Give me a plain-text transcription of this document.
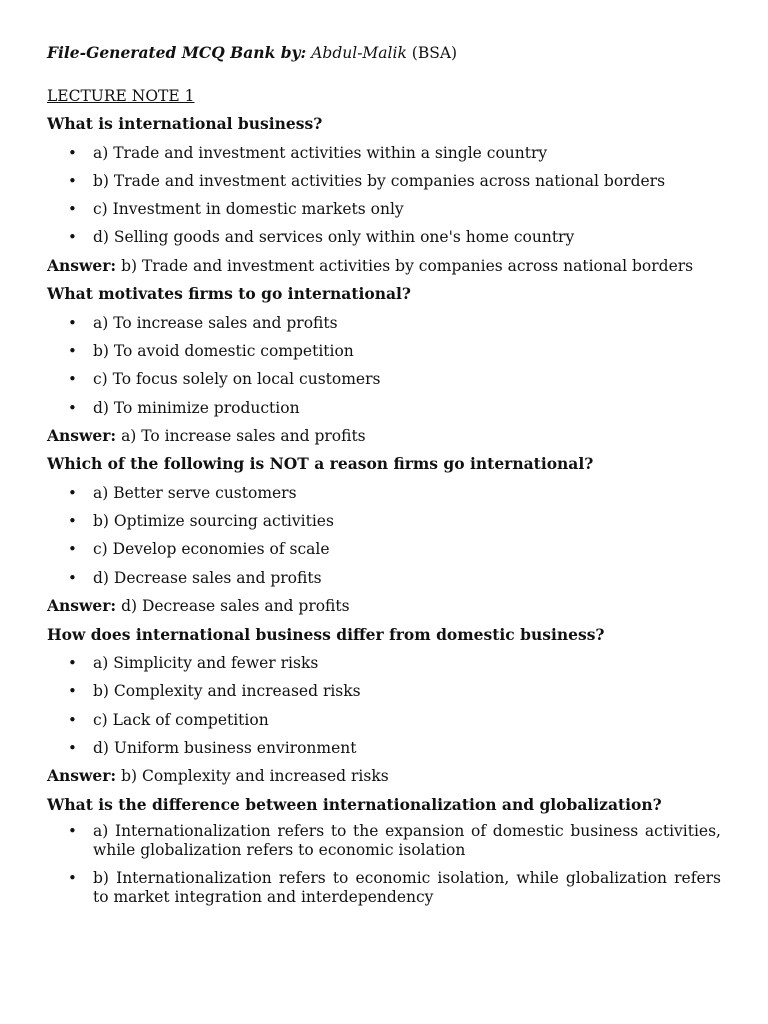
File-Generated MCQ Bank by: Abdul-Malik (BSA)
LECTURE NOTE 1
What is international business?
• a) Trade and investment activities within a single country
• b) Trade and investment activities by companies across national borders
• c) Investment in domestic markets only
• d) Selling goods and services only within one's home country
Answer: b) Trade and investment activities by companies across national borders
What motivates firms to go international?
• a) To increase sales and profits
• b) To avoid domestic competition
• c) To focus solely on local customers
• d) To minimize production
Answer: a) To increase sales and profits
Which of the following is NOT a reason firms go international?
• a) Better serve customers
• b) Optimize sourcing activities
• c) Develop economies of scale
• d) Decrease sales and profits
Answer: d) Decrease sales and profits
How does international business differ from domestic business?
• a) Simplicity and fewer risks
• b) Complexity and increased risks
• c) Lack of competition
• d) Uniform business environment
Answer: b) Complexity and increased risks
What is the difference between internationalization and globalization?
• a) Internationalization refers to the expansion of domestic business activities, while globalization refers to economic isolation
• b) Internationalization refers to economic isolation, while globalization refers to market integration and interdependency
